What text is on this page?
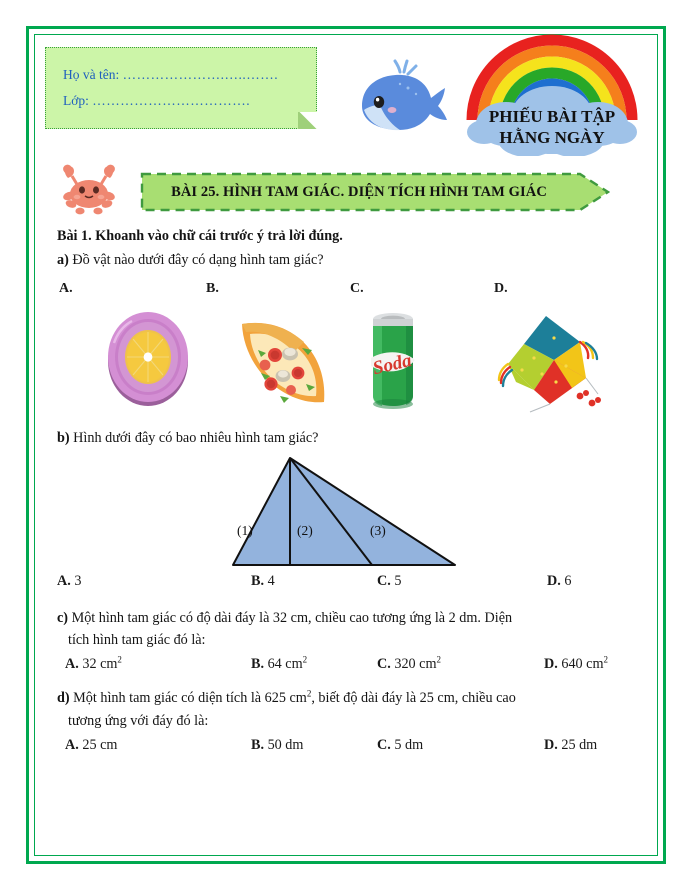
Họ và tên: ………………….…..…….
Lớp: …………………………….
PHIẾU BÀI TẬP
HẰNG NGÀY
BÀI 25. HÌNH TAM GIÁC. DIỆN TÍCH HÌNH TAM GIÁC
Bài 1. Khoanh vào chữ cái trước ý trả lời đúng.
a) Đồ vật nào dưới đây có dạng hình tam giác?
A.	B.	C.	D.
Soda
b) Hình dưới đây có bao nhiêu hình tam giác?
(1)	(2)	(3)
A. 3	B. 4	C. 5	D. 6
c) Một hình tam giác có độ dài đáy là 32 cm, chiều cao tương ứng là 2 dm. Diện
tích hình tam giác đó là:
A. 32 $cm^2$	B. 64 $cm^2$	C. 320 $cm^2$	D. 640 $cm^2$
d) Một hình tam giác có diện tích là 625 $cm^2$, biết độ dài đáy là 25 cm, chiều cao
tương ứng với đáy đó là:
A. 25 cm	B. 50 dm	C. 5 dm	D. 25 dm
